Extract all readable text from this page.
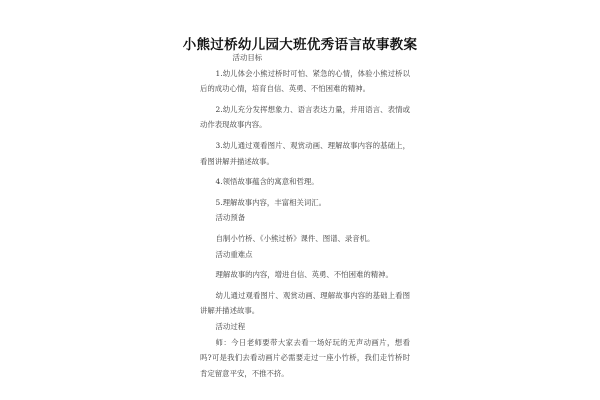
小熊过桥幼儿园大班优秀语言故事教案

活动目标

1.幼儿体会小熊过桥时可怕、紧急的心情，体验小熊过桥以后的成功心情，培育自信、英勇、不怕困难的精神。

2.幼儿充分发挥想象力、语言表达力量，并用语言、表情或动作表现故事内容。

3.幼儿通过观看图片、观赏动画、理解故事内容的基础上，看图讲解并描述故事。

4.领悟故事蕴含的寓意和哲理。

5.理解故事内容，丰富相关词汇。

活动预备

自制小竹桥、《小熊过桥》课件、图谱、录音机。

活动重难点

理解故事的内容，增进自信、英勇、不怕困难的精神。

幼儿通过观看图片、观赏动画、理解故事内容的基础上看图讲解并描述故事。

活动过程

师：今日老师要带大家去看一场好玩的无声动画片，想看吗?可是我们去看动画片必需要走过一座小竹桥，我们走竹桥时肯定留意平安，不推不挤。
